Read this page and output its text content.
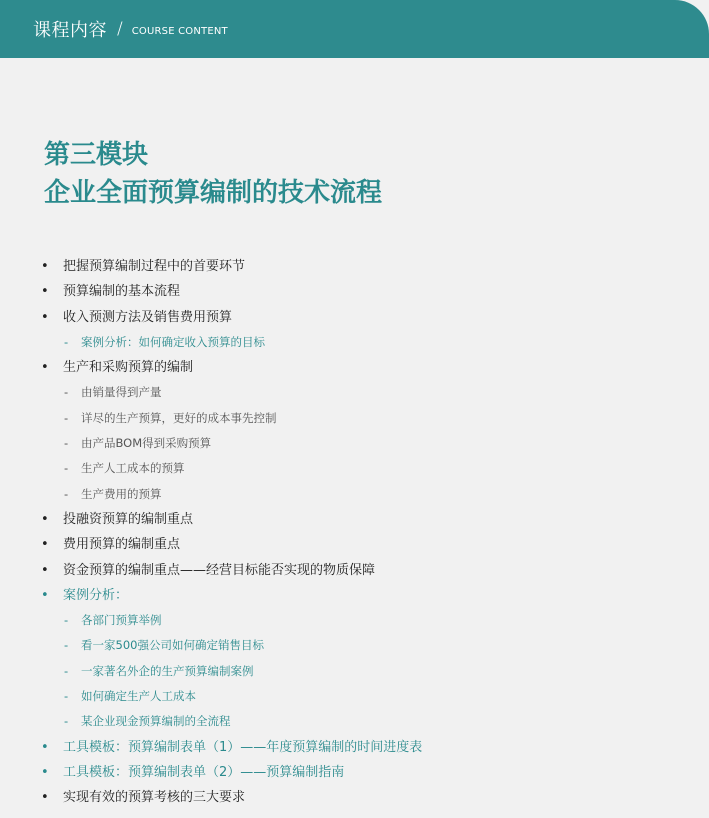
课程内容 / COURSE CONTENT
第三模块
企业全面预算编制的技术流程
• 把握预算编制过程中的首要环节
• 预算编制的基本流程
• 收入预测方法及销售费用预算
- 案例分析：如何确定收入预算的目标
• 生产和采购预算的编制
- 由销量得到产量
- 详尽的生产预算，更好的成本事先控制
- 由产品BOM得到采购预算
- 生产人工成本的预算
- 生产费用的预算
• 投融资预算的编制重点
• 费用预算的编制重点
• 资金预算的编制重点——经营目标能否实现的物质保障
• 案例分析：
- 各部门预算举例
- 看一家500强公司如何确定销售目标
- 一家著名外企的生产预算编制案例
- 如何确定生产人工成本
- 某企业现金预算编制的全流程
• 工具模板：预算编制表单（1）——年度预算编制的时间进度表
• 工具模板：预算编制表单（2）——预算编制指南
• 实现有效的预算考核的三大要求
